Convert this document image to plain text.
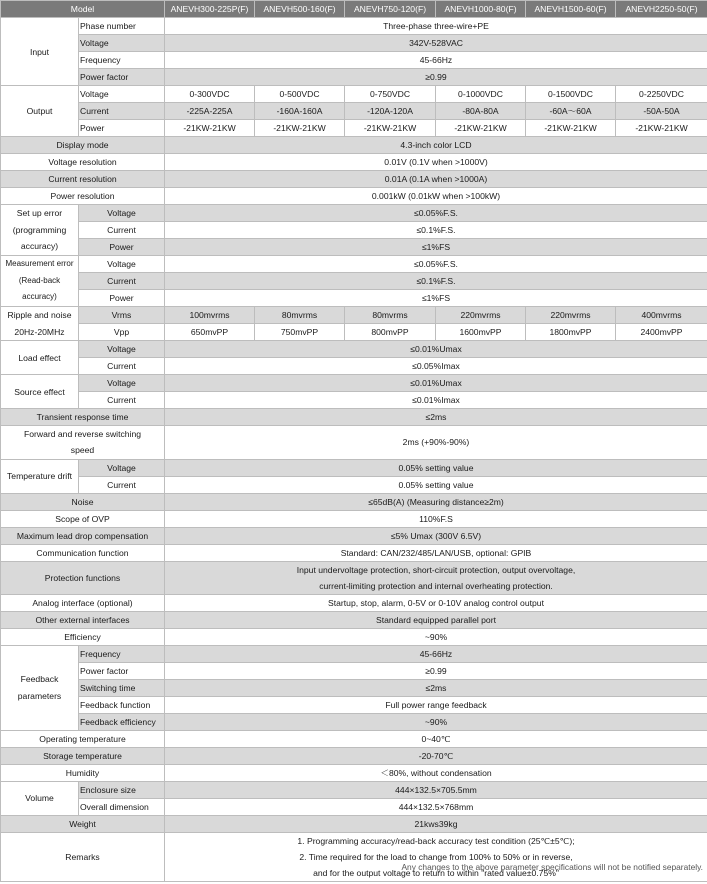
Model		ANEVH300-225P(F)	ANEVH500-160(F)	ANEVH750-120(F)	ANEVH1000-80(F)	ANEVH1500-60(F)	ANEVH2250-50(F)
Input	Phase number	Three-phase three-wire+PE					
	Voltage	342V-528VAC					
	Frequency	45-66Hz					
	Power factor	≥0.99					
Output	Voltage	0-300VDC	0-500VDC	0-750VDC	0-1000VDC	0-1500VDC	0-2250VDC
	Current	-225A-225A	-160A-160A	-120A-120A	-80A-80A	-60A～60A	-50A-50A
	Power	-21KW-21KW	-21KW-21KW	-21KW-21KW	-21KW-21KW	-21KW-21KW	-21KW-21KW
Display mode		4.3-inch color LCD					
Voltage resolution		0.01V (0.1V when >1000V)					
Current resolution		0.01A (0.1A when >1000A)					
Power resolution		0.001kW (0.01kW when >100kW)					
Set up error (programming accuracy)	Voltage	≤0.05%F.S.					
	Current	≤0.1%F.S.					
	Power	≤1%FS					
Measurement error (Read-back accuracy)	Voltage	≤0.05%F.S.					
	Current	≤0.1%F.S.					
	Power	≤1%FS					
Ripple and noise 20Hz-20MHz	Vrms	100mvrms	80mvrms	80mvrms	220mvrms	220mvrms	400mvrms
	Vpp	650mvPP	750mvPP	800mvPP	1600mvPP	1800mvPP	2400mvPP
Load effect	Voltage	≤0.01%Umax					
	Current	≤0.05%Imax					
Source effect	Voltage	≤0.01%Umax					
	Current	≤0.01%Imax					
Transient response time		≤2ms					
Forward and reverse switching speed		2ms (+90%-90%)					
Temperature drift	Voltage	0.05% setting value					
	Current	0.05% setting value					
Noise		≤65dB(A) (Measuring distance≥2m)					
Scope of OVP		110%F.S					
Maximum lead drop compensation		≤5% Umax (300V 6.5V)					
Communication function		Standard: CAN/232/485/LAN/USB, optional: GPIB					
Protection functions		Input undervoltage protection, short-circuit protection, output overvoltage,
current-limiting protection and internal overheating protection.					

Analog interface (optional)		Startup, stop, alarm, 0-5V or 0-10V analog control output					
Other external interfaces		Standard equipped parallel port					
Efficiency		~90%					
Feedback parameters	Frequency	45-66Hz					
	Power factor	≥0.99					
	Switching time	≤2ms					
	Feedback function	Full power range feedback					
	Feedback efficiency	~90%					
Operating temperature		0~40℃					
Storage temperature		-20-70℃					
Humidity		＜80%, without condensation					
Volume	Enclosure size	444×132.5×705.5mm					
	Overall dimension	444×132.5×768mm					
Weight		21kws39kg					
Remarks		1. Programming accuracy/read-back accuracy test condition (25℃±5℃);
2. Time required for the load to change from 100% to 50% or in reverse,
and for the output voltage to return to within "rated value±0.75%"					
Any changes to the above parameter specifications will not be notified separately.
